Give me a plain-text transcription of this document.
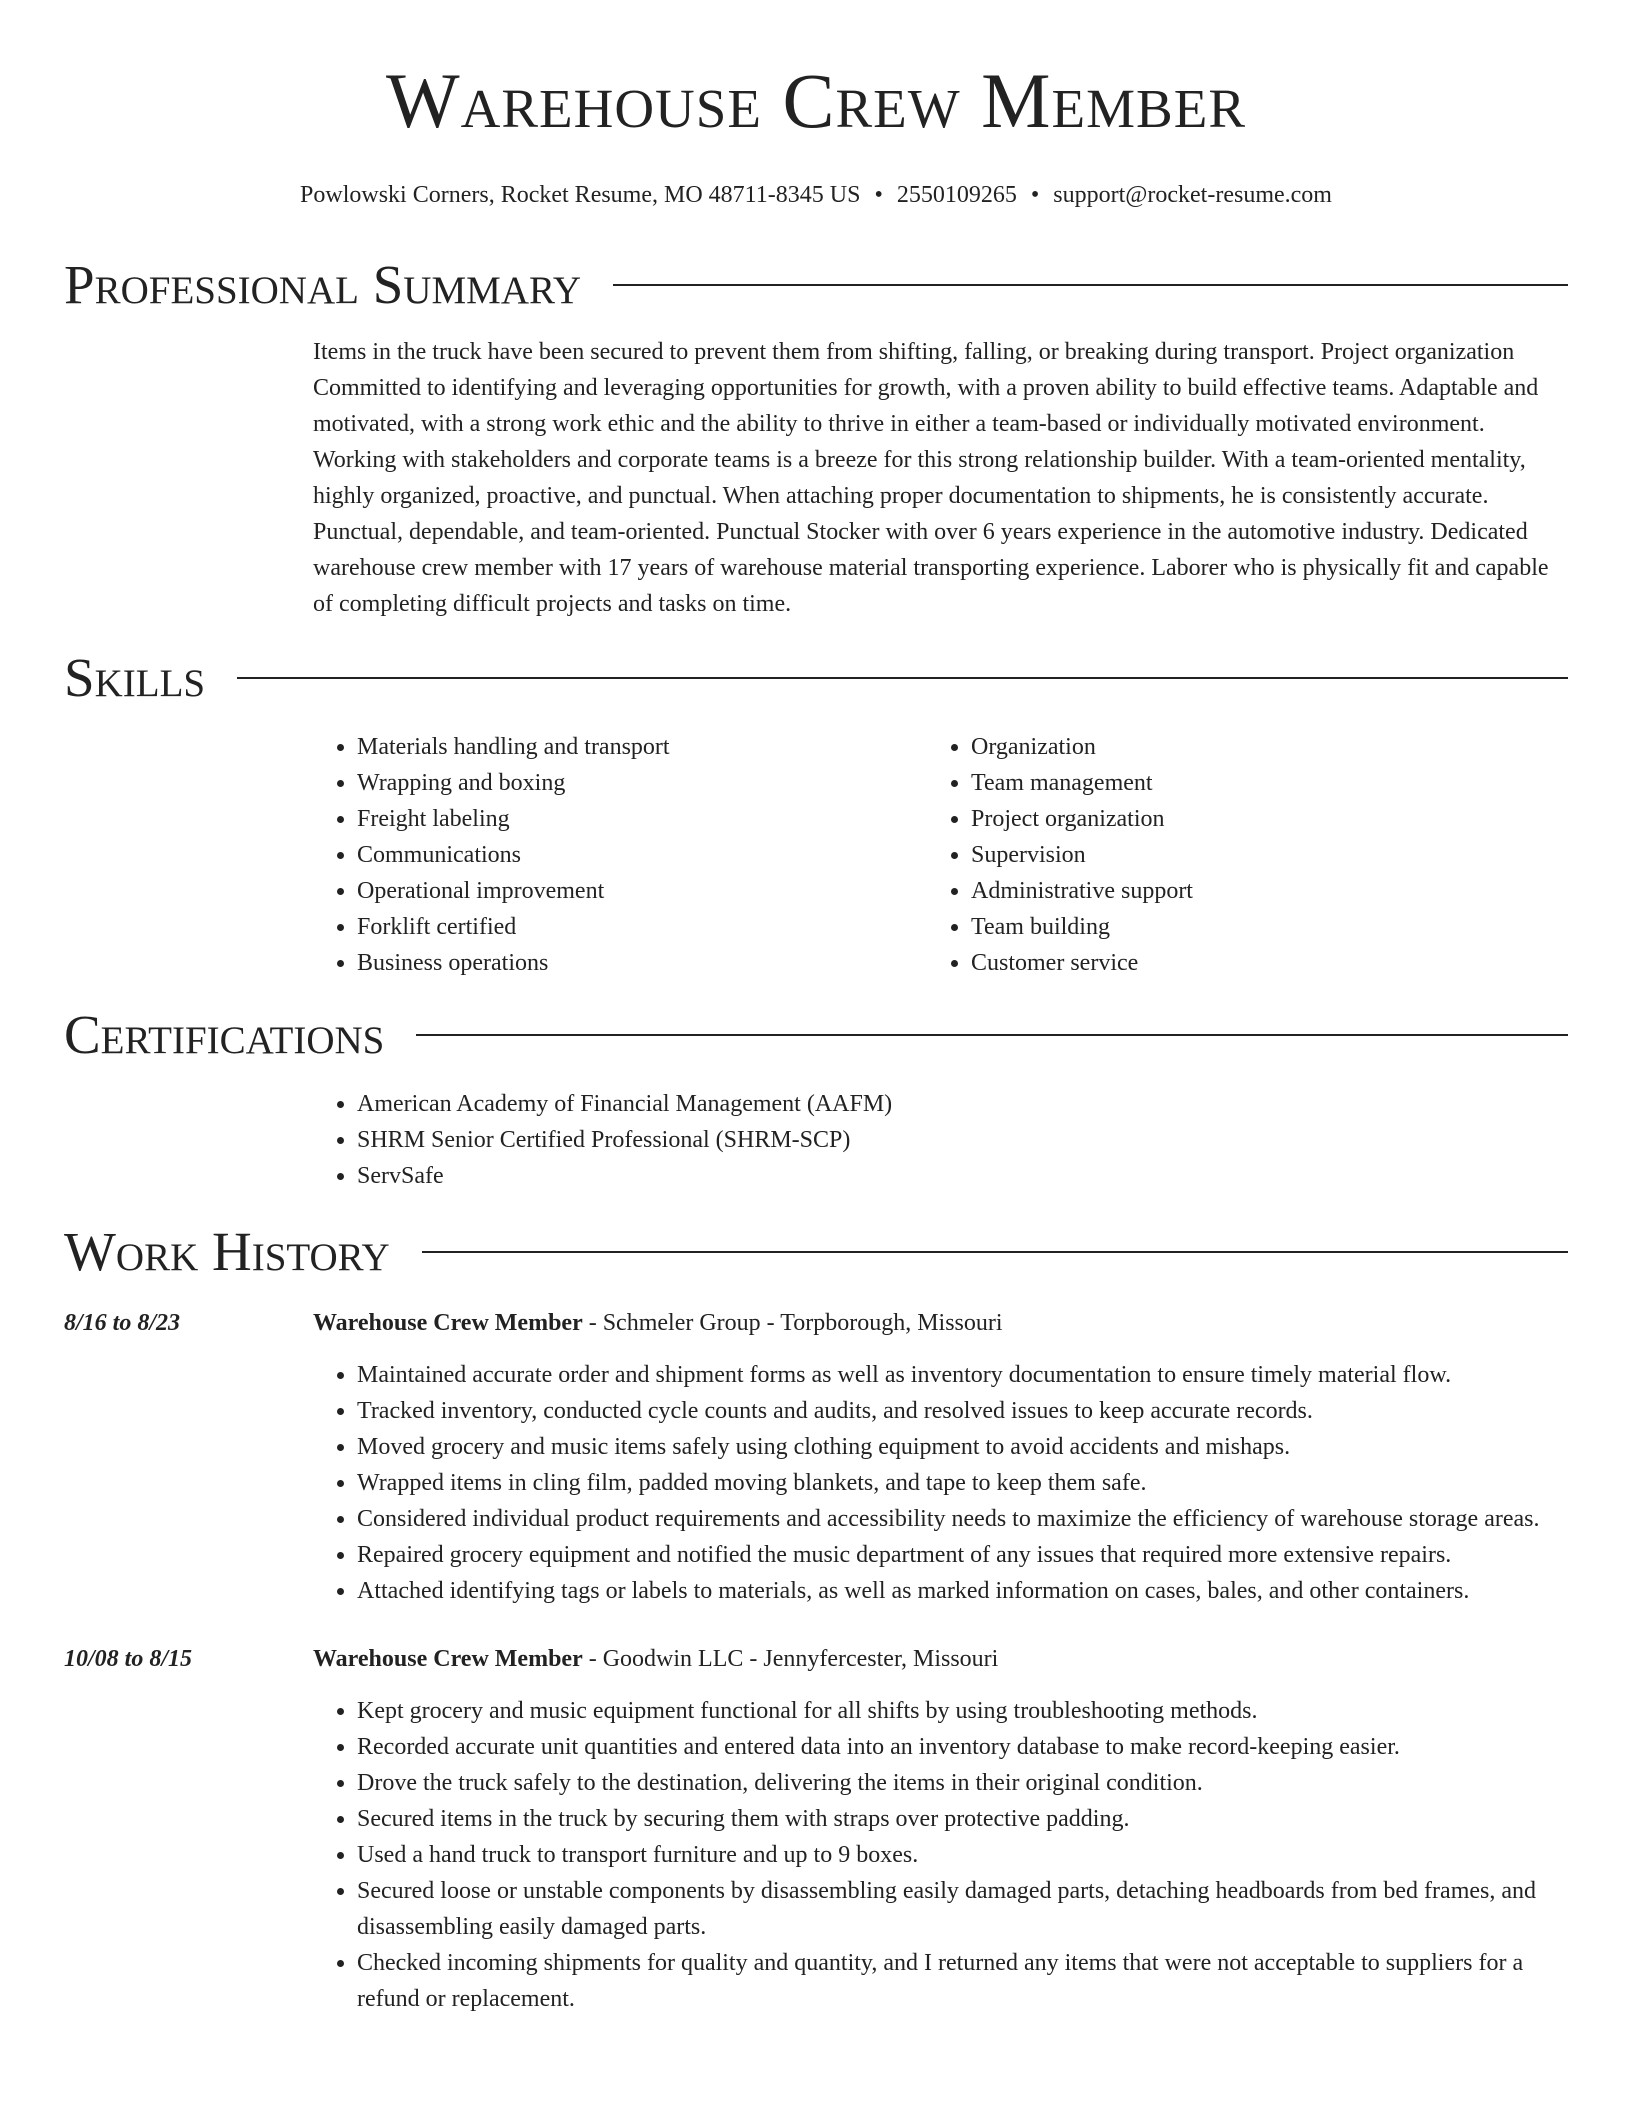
Warehouse Crew Member
Powlowski Corners, Rocket Resume, MO 48711-8345 US • 2550109265 • support@rocket-resume.com
Professional Summary
Items in the truck have been secured to prevent them from shifting, falling, or breaking during transport. Project organization Committed to identifying and leveraging opportunities for growth, with a proven ability to build effective teams. Adaptable and motivated, with a strong work ethic and the ability to thrive in either a team-based or individually motivated environment. Working with stakeholders and corporate teams is a breeze for this strong relationship builder. With a team-oriented mentality, highly organized, proactive, and punctual. When attaching proper documentation to shipments, he is consistently accurate. Punctual, dependable, and team-oriented. Punctual Stocker with over 6 years experience in the automotive industry. Dedicated warehouse crew member with 17 years of warehouse material transporting experience. Laborer who is physically fit and capable of completing difficult projects and tasks on time.
Skills
• Materials handling and transport
• Wrapping and boxing
• Freight labeling
• Communications
• Operational improvement
• Forklift certified
• Business operations
• Organization
• Team management
• Project organization
• Supervision
• Administrative support
• Team building
• Customer service
Certifications
• American Academy of Financial Management (AAFM)
• SHRM Senior Certified Professional (SHRM-SCP)
• ServSafe
Work History
8/16 to 8/23	Warehouse Crew Member - Schmeler Group - Torpborough, Missouri
• Maintained accurate order and shipment forms as well as inventory documentation to ensure timely material flow.
• Tracked inventory, conducted cycle counts and audits, and resolved issues to keep accurate records.
• Moved grocery and music items safely using clothing equipment to avoid accidents and mishaps.
• Wrapped items in cling film, padded moving blankets, and tape to keep them safe.
• Considered individual product requirements and accessibility needs to maximize the efficiency of warehouse storage areas.
• Repaired grocery equipment and notified the music department of any issues that required more extensive repairs.
• Attached identifying tags or labels to materials, as well as marked information on cases, bales, and other containers.
10/08 to 8/15	Warehouse Crew Member - Goodwin LLC - Jennyfercester, Missouri
• Kept grocery and music equipment functional for all shifts by using troubleshooting methods.
• Recorded accurate unit quantities and entered data into an inventory database to make record-keeping easier.
• Drove the truck safely to the destination, delivering the items in their original condition.
• Secured items in the truck by securing them with straps over protective padding.
• Used a hand truck to transport furniture and up to 9 boxes.
• Secured loose or unstable components by disassembling easily damaged parts, detaching headboards from bed frames, and disassembling easily damaged parts.
• Checked incoming shipments for quality and quantity, and I returned any items that were not acceptable to suppliers for a refund or replacement.
